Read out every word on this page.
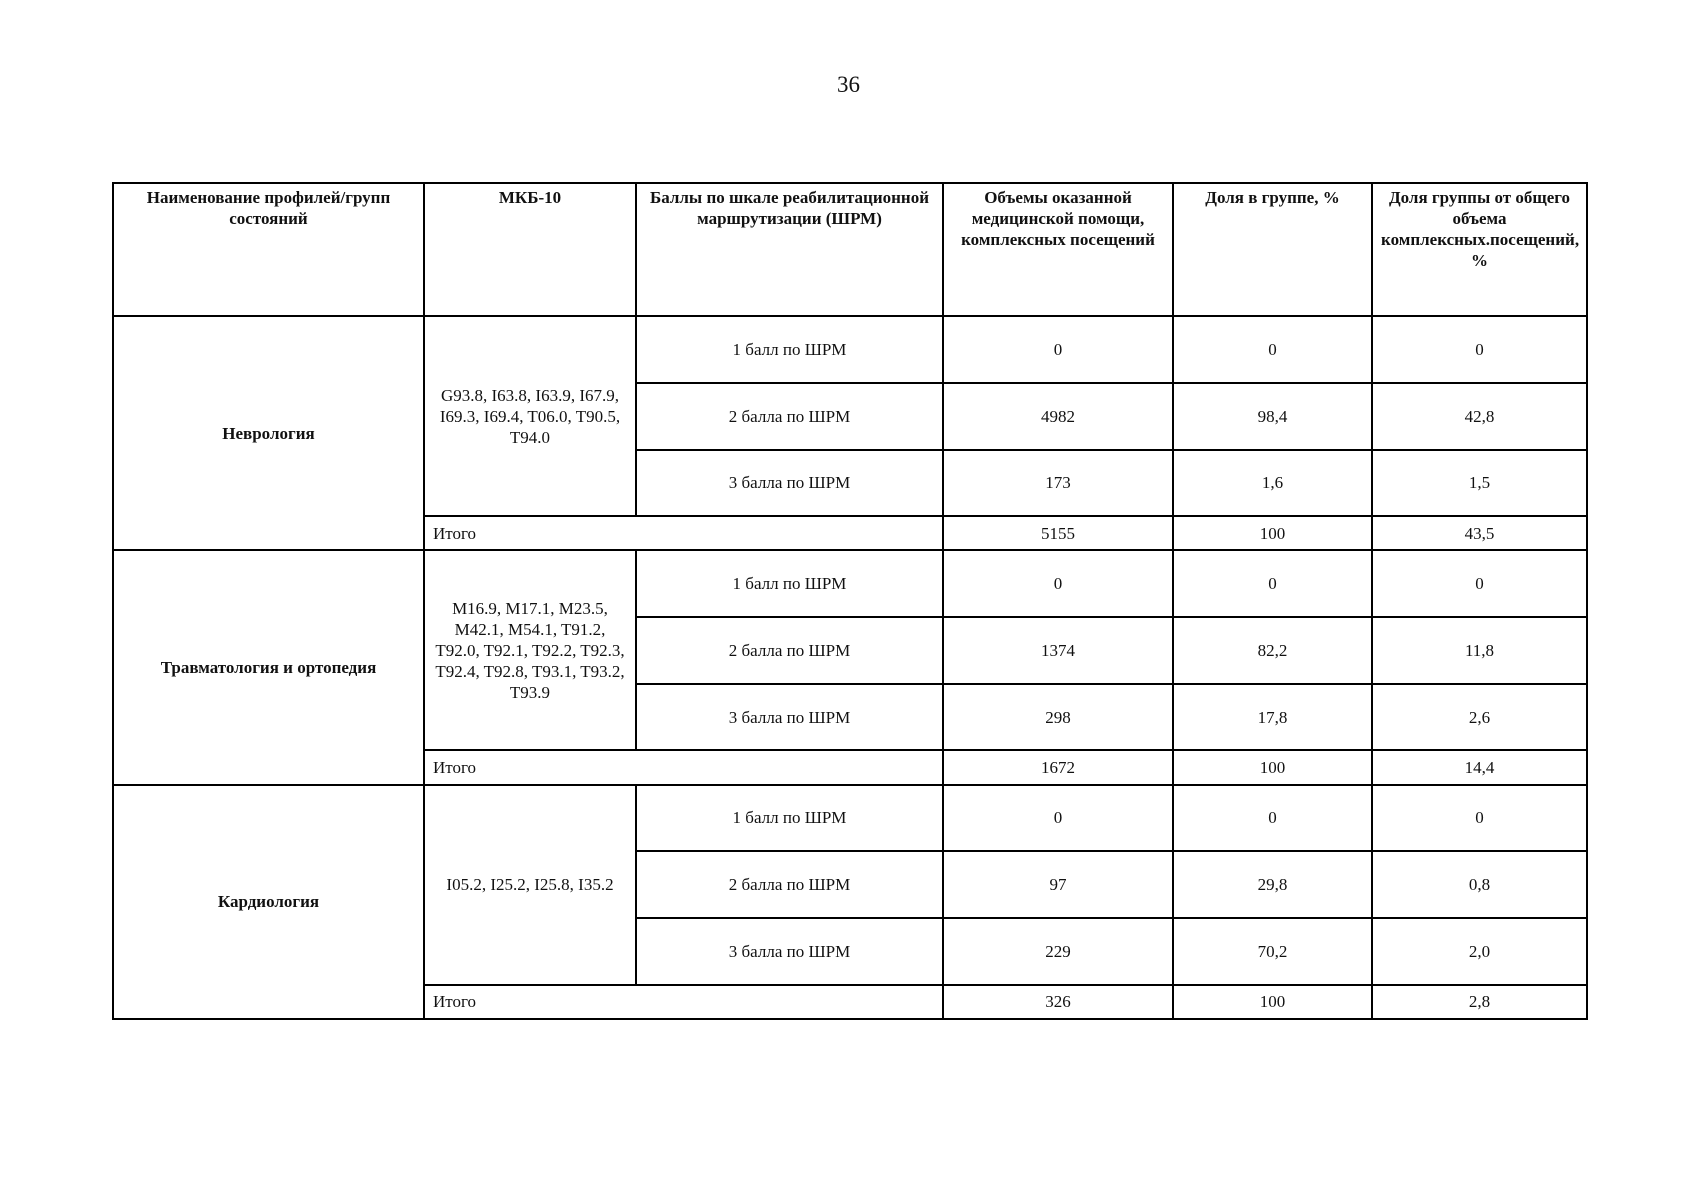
36
Наименование профилей/групп состояний	МКБ-10	Баллы по шкале реабилитационной маршрутизации (ШРМ)	Объемы оказанной медицинской помощи, комплексных посещений	Доля в группе, %	Доля группы от общего объема комплексных.посещений, %
Неврология	G93.8, I63.8, I63.9, I67.9, I69.3, I69.4, T06.0, T90.5, T94.0	1 балл по ШРМ	0	0	0
		2 балла по ШРМ	4982	98,4	42,8
		3 балла по ШРМ	173	1,6	1,5
	Итого		5155	100	43,5
Травматология и ортопедия	M16.9, M17.1, M23.5, M42.1, M54.1, T91.2, T92.0, T92.1, T92.2, T92.3, T92.4, T92.8, T93.1, T93.2, T93.9	1 балл по ШРМ	0	0	0
		2 балла по ШРМ	1374	82,2	11,8
		3 балла по ШРМ	298	17,8	2,6
	Итого		1672	100	14,4
Кардиология	I05.2, I25.2, I25.8, I35.2	1 балл по ШРМ	0	0	0
		2 балла по ШРМ	97	29,8	0,8
		3 балла по ШРМ	229	70,2	2,0
	Итого		326	100	2,8
